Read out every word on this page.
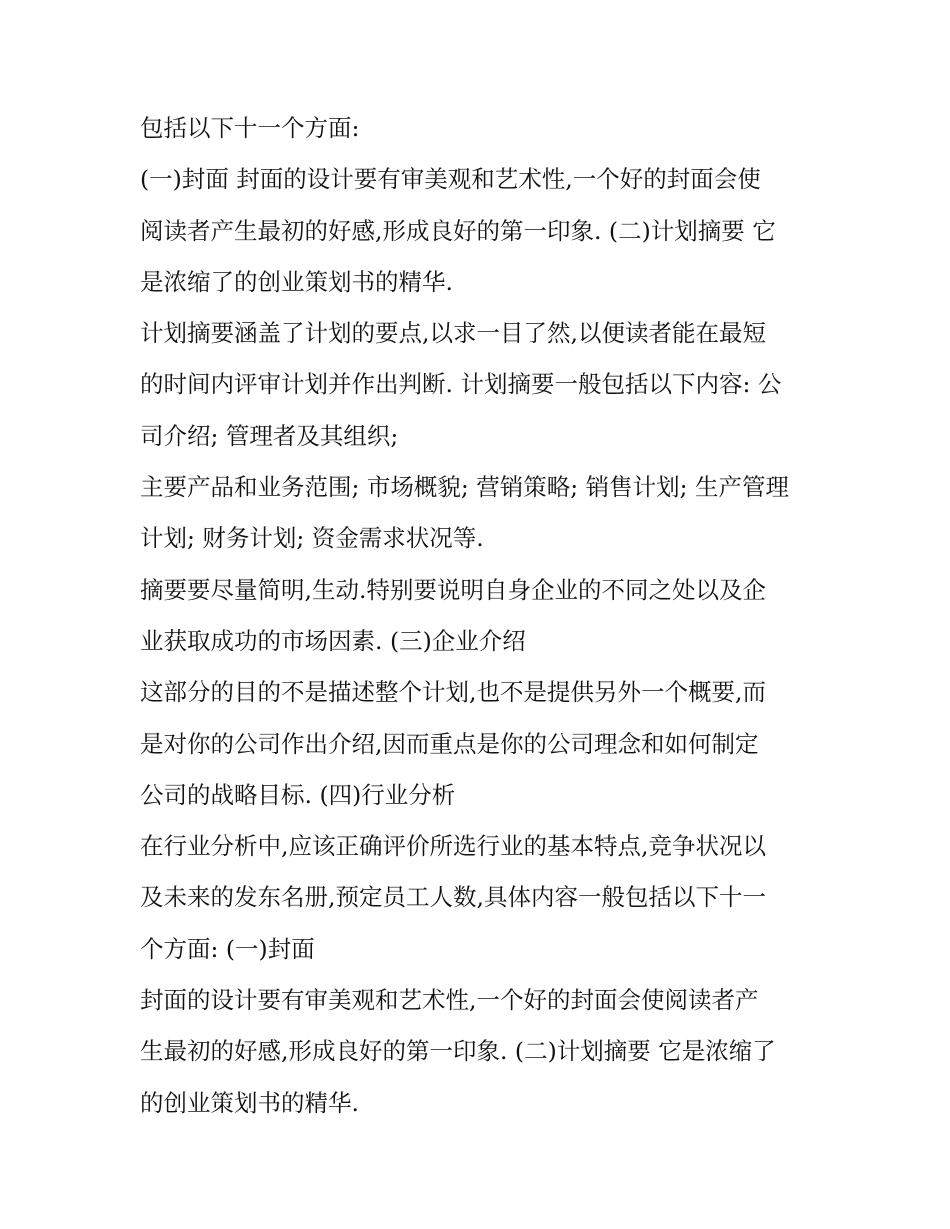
包括以下十一个方面:
(一)封面 封面的设计要有审美观和艺术性,一个好的封面会使
阅读者产生最初的好感,形成良好的第一印象. (二)计划摘要 它
是浓缩了的创业策划书的精华.
计划摘要涵盖了计划的要点,以求一目了然,以便读者能在最短
的时间内评审计划并作出判断. 计划摘要一般包括以下内容: 公
司介绍; 管理者及其组织;
主要产品和业务范围; 市场概貌; 营销策略; 销售计划; 生产管理
计划; 财务计划; 资金需求状况等.
摘要要尽量简明,生动.特别要说明自身企业的不同之处以及企
业获取成功的市场因素. (三)企业介绍
这部分的目的不是描述整个计划,也不是提供另外一个概要,而
是对你的公司作出介绍,因而重点是你的公司理念和如何制定
公司的战略目标. (四)行业分析
在行业分析中,应该正确评价所选行业的基本特点,竞争状况以
及未来的发东名册,预定员工人数,具体内容一般包括以下十一
个方面: (一)封面
封面的设计要有审美观和艺术性,一个好的封面会使阅读者产
生最初的好感,形成良好的第一印象. (二)计划摘要 它是浓缩了
的创业策划书的精华.
